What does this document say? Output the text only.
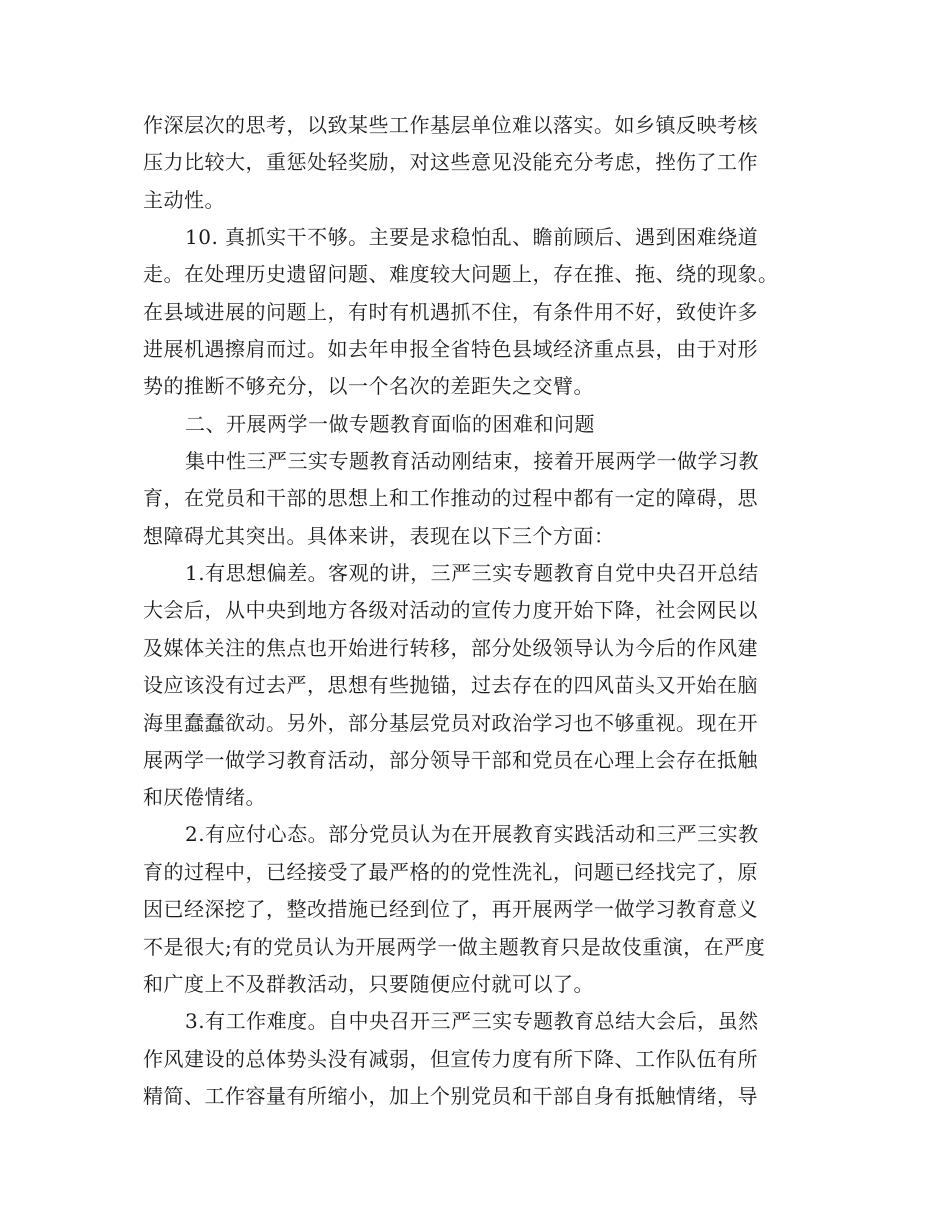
作深层次的思考，以致某些工作基层单位难以落实。如乡镇反映考核
压力比较大，重惩处轻奖励，对这些意见没能充分考虑，挫伤了工作
主动性。
10. 真抓实干不够。主要是求稳怕乱、瞻前顾后、遇到困难绕道
走。在处理历史遗留问题、难度较大问题上，存在推、拖、绕的现象。
在县域进展的问题上，有时有机遇抓不住，有条件用不好，致使许多
进展机遇擦肩而过。如去年申报全省特色县域经济重点县，由于对形
势的推断不够充分，以一个名次的差距失之交臂。
二、开展两学一做专题教育面临的困难和问题
集中性三严三实专题教育活动刚结束，接着开展两学一做学习教
育，在党员和干部的思想上和工作推动的过程中都有一定的障碍，思
想障碍尤其突出。具体来讲，表现在以下三个方面：
1.有思想偏差。客观的讲，三严三实专题教育自党中央召开总结
大会后，从中央到地方各级对活动的宣传力度开始下降，社会网民以
及媒体关注的焦点也开始进行转移，部分处级领导认为今后的作风建
设应该没有过去严，思想有些抛锚，过去存在的四风苗头又开始在脑
海里蠢蠢欲动。另外，部分基层党员对政治学习也不够重视。现在开
展两学一做学习教育活动，部分领导干部和党员在心理上会存在抵触
和厌倦情绪。
2.有应付心态。部分党员认为在开展教育实践活动和三严三实教
育的过程中，已经接受了最严格的的党性洗礼，问题已经找完了，原
因已经深挖了，整改措施已经到位了，再开展两学一做学习教育意义
不是很大;有的党员认为开展两学一做主题教育只是故伎重演，在严度
和广度上不及群教活动，只要随便应付就可以了。
3.有工作难度。自中央召开三严三实专题教育总结大会后，虽然
作风建设的总体势头没有减弱，但宣传力度有所下降、工作队伍有所
精简、工作容量有所缩小，加上个别党员和干部自身有抵触情绪，导
